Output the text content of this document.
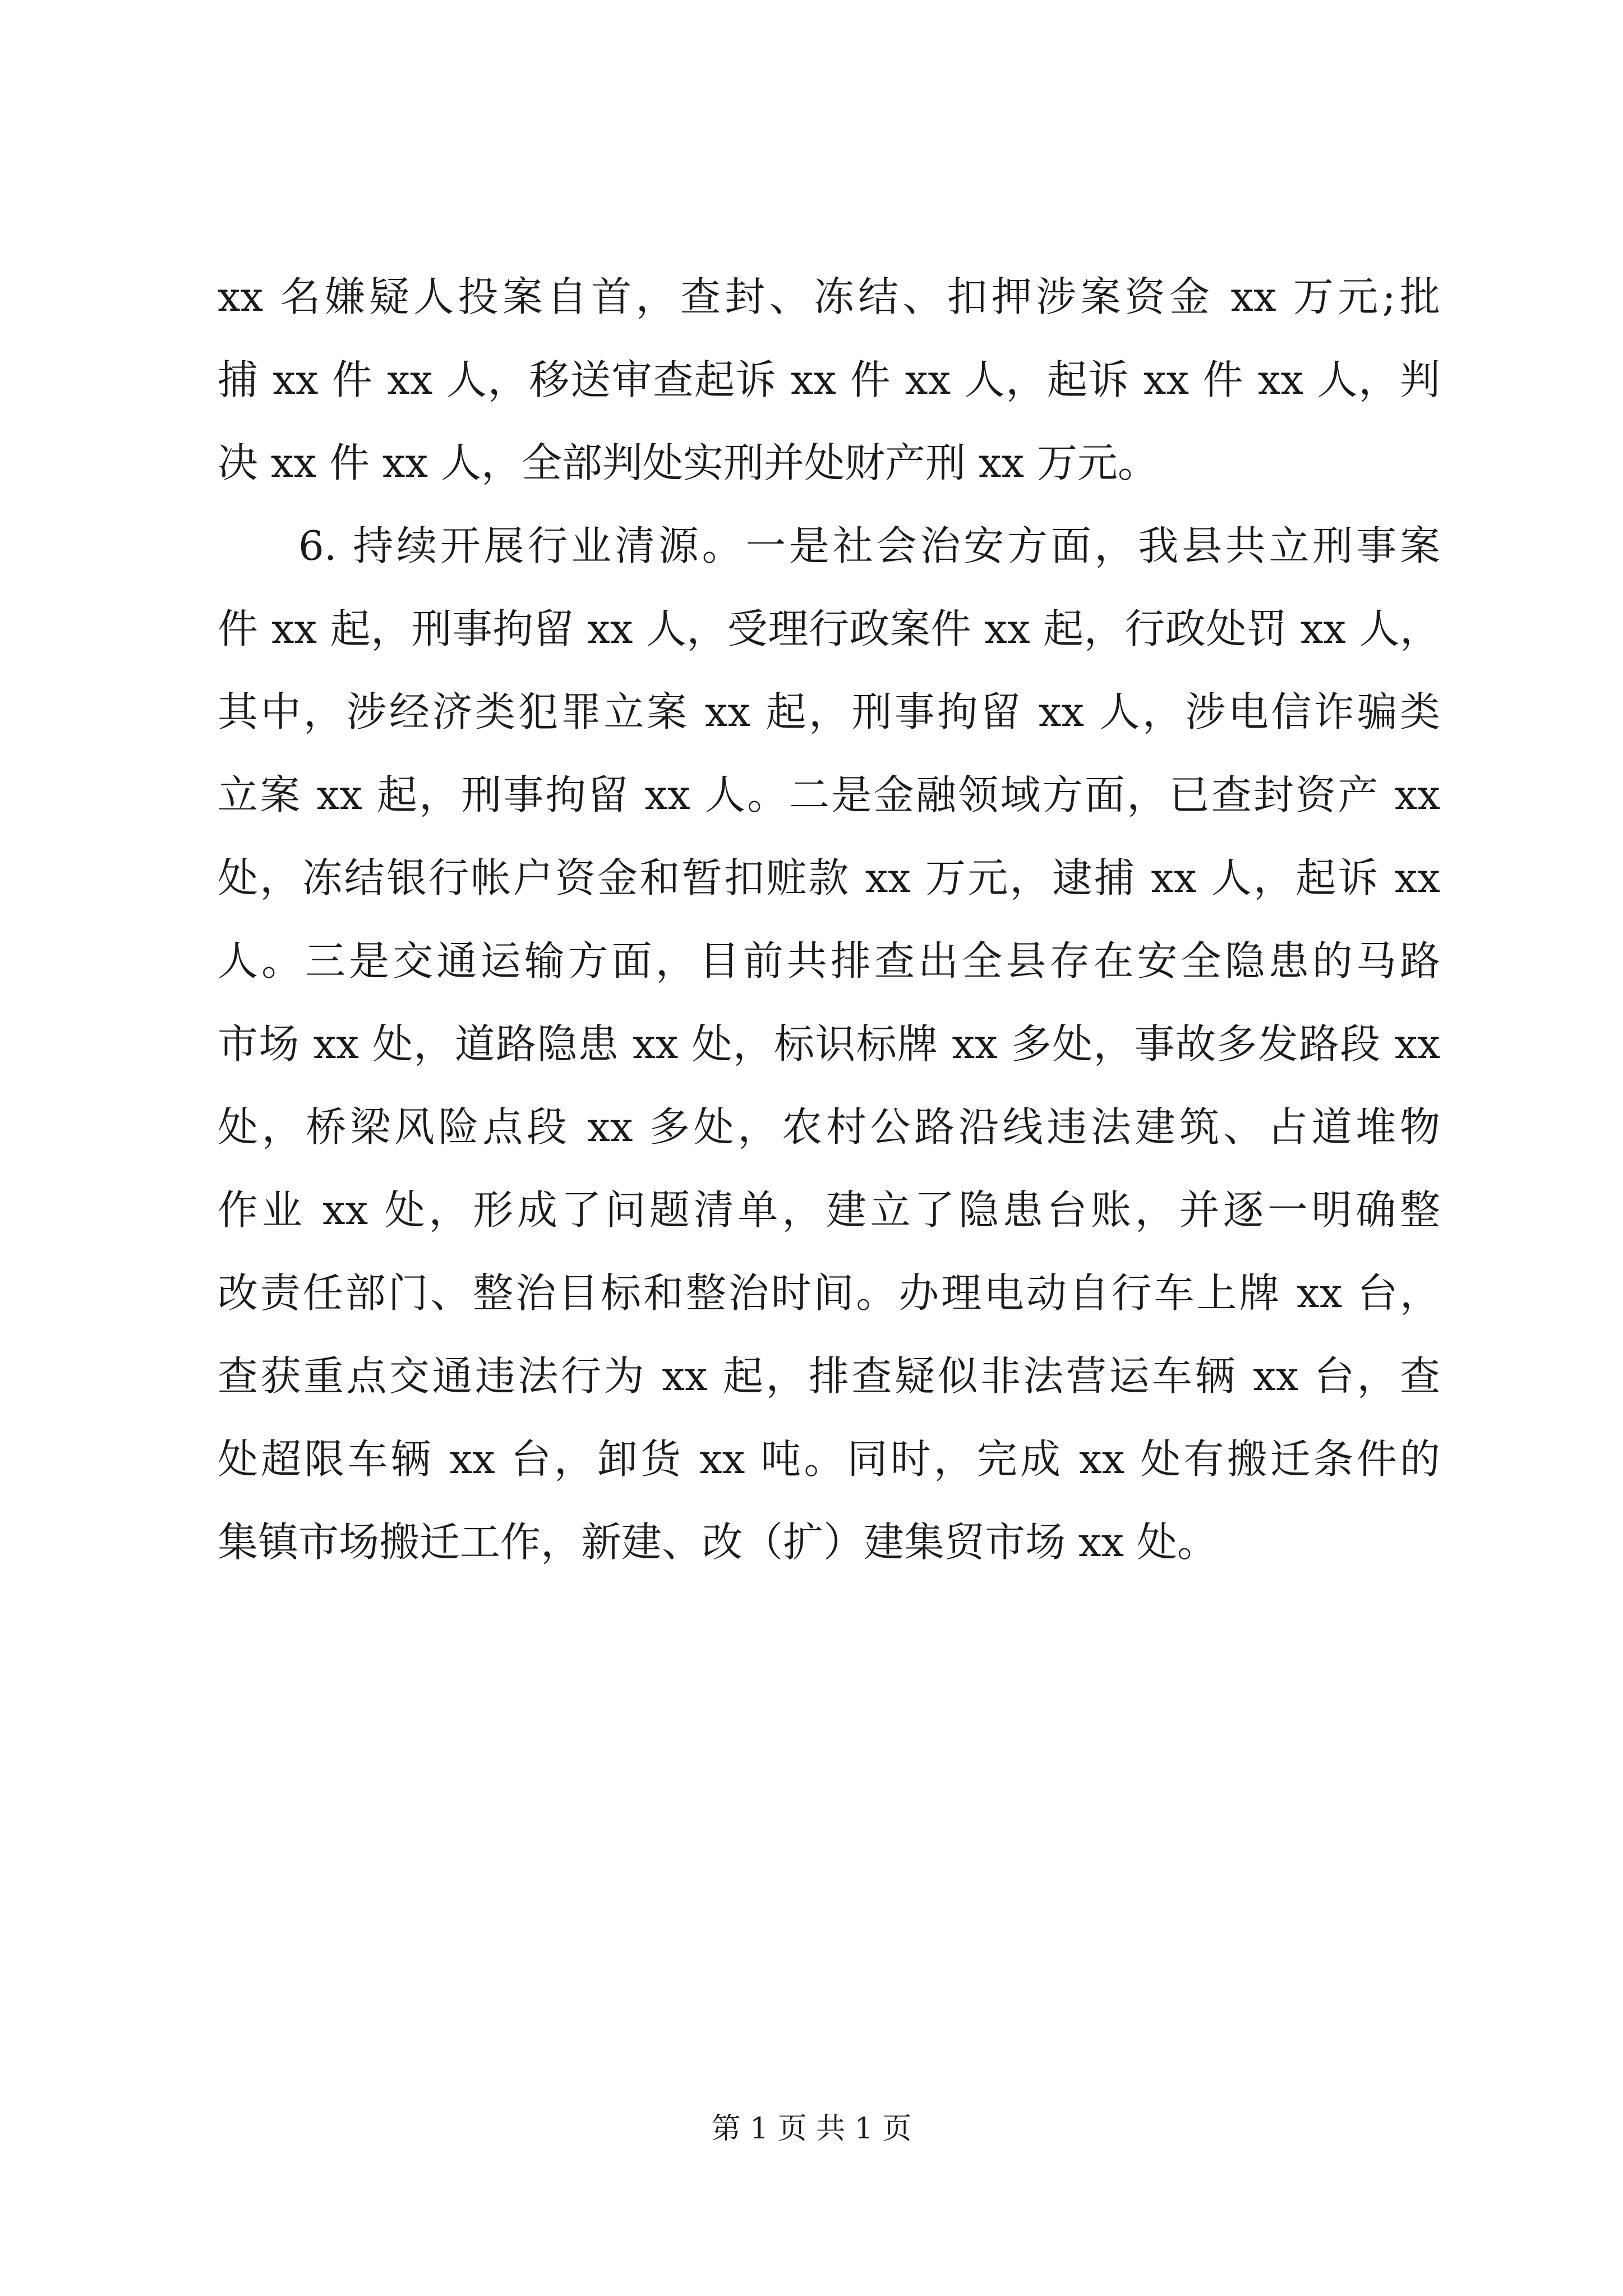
xx 名嫌疑人投案自首，查封、冻结、扣押涉案资金 xx 万元;批
捕 xx 件 xx 人，移送审查起诉 xx 件 xx 人，起诉 xx 件 xx 人，判
决 xx 件 xx 人，全部判处实刑并处财产刑 xx 万元。
6. 持续开展行业清源。一是社会治安方面，我县共立刑事案
件 xx 起，刑事拘留 xx 人，受理行政案件 xx 起，行政处罚 xx 人，
其中，涉经济类犯罪立案 xx 起，刑事拘留 xx 人，涉电信诈骗类
立案 xx 起，刑事拘留 xx 人。二是金融领域方面，已查封资产 xx
处，冻结银行帐户资金和暂扣赃款 xx 万元，逮捕 xx 人，起诉 xx
人。三是交通运输方面，目前共排查出全县存在安全隐患的马路
市场 xx 处，道路隐患 xx 处，标识标牌 xx 多处，事故多发路段 xx
处，桥梁风险点段 xx 多处，农村公路沿线违法建筑、占道堆物
作业 xx 处，形成了问题清单，建立了隐患台账，并逐一明确整
改责任部门、整治目标和整治时间。办理电动自行车上牌 xx 台，
查获重点交通违法行为 xx 起，排查疑似非法营运车辆 xx 台，查
处超限车辆 xx 台，卸货 xx 吨。同时，完成 xx 处有搬迁条件的
集镇市场搬迁工作，新建、改（扩）建集贸市场 xx 处。
第 1 页 共 1 页
